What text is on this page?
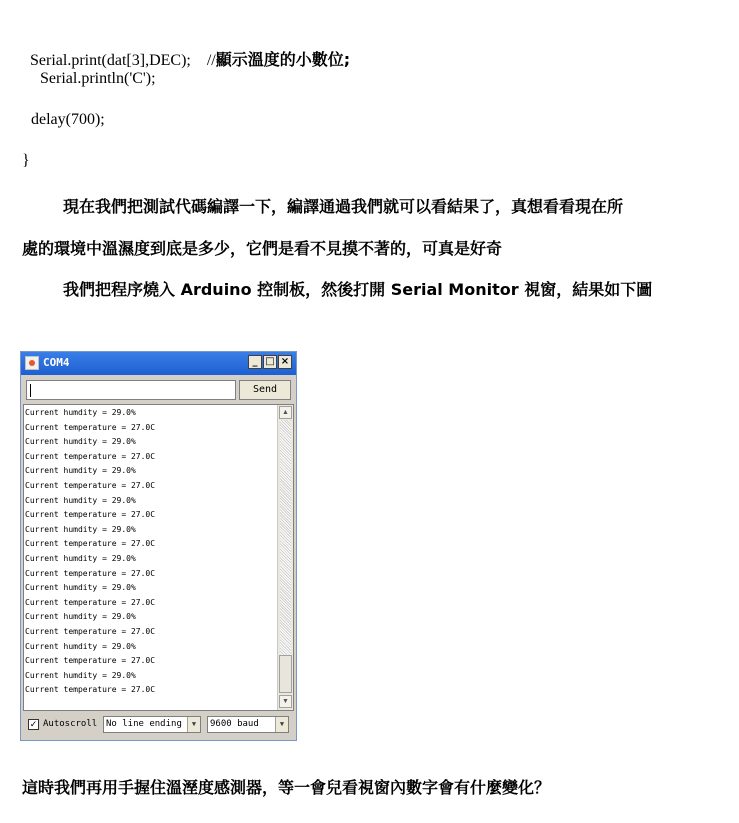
Serial.print(dat[3],DEC); //顯示溫度的小數位;

Serial.println('C');
delay(700);
}
現在我們把測試代碼編譯一下，編譯通過我們就可以看結果了，真想看看現在所
處的環境中溫濕度到底是多少，它們是看不見摸不著的，可真是好奇
我們把程序燒入 Arduino 控制板，然後打開 Serial Monitor 視窗，結果如下圖
COM4	_ □ ×
Send
Current humdity = 29.0%
Current temperature = 27.0C
Current humdity = 29.0%
Current temperature = 27.0C
Current humdity = 29.0%
Current temperature = 27.0C
Current humdity = 29.0%
Current temperature = 27.0C
Current humdity = 29.0%
Current temperature = 27.0C
Current humdity = 29.0%
Current temperature = 27.0C
Current humdity = 29.0%
Current temperature = 27.0C
Current humdity = 29.0%
Current temperature = 27.0C
Current humdity = 29.0%
Current temperature = 27.0C
Current humdity = 29.0%
Current temperature = 27.0C
▲
▼
✓ Autoscroll No line ending	▼	9600 baud	▼
這時我們再用手握住溫溼度感測器，等一會兒看視窗內數字會有什麼變化？
